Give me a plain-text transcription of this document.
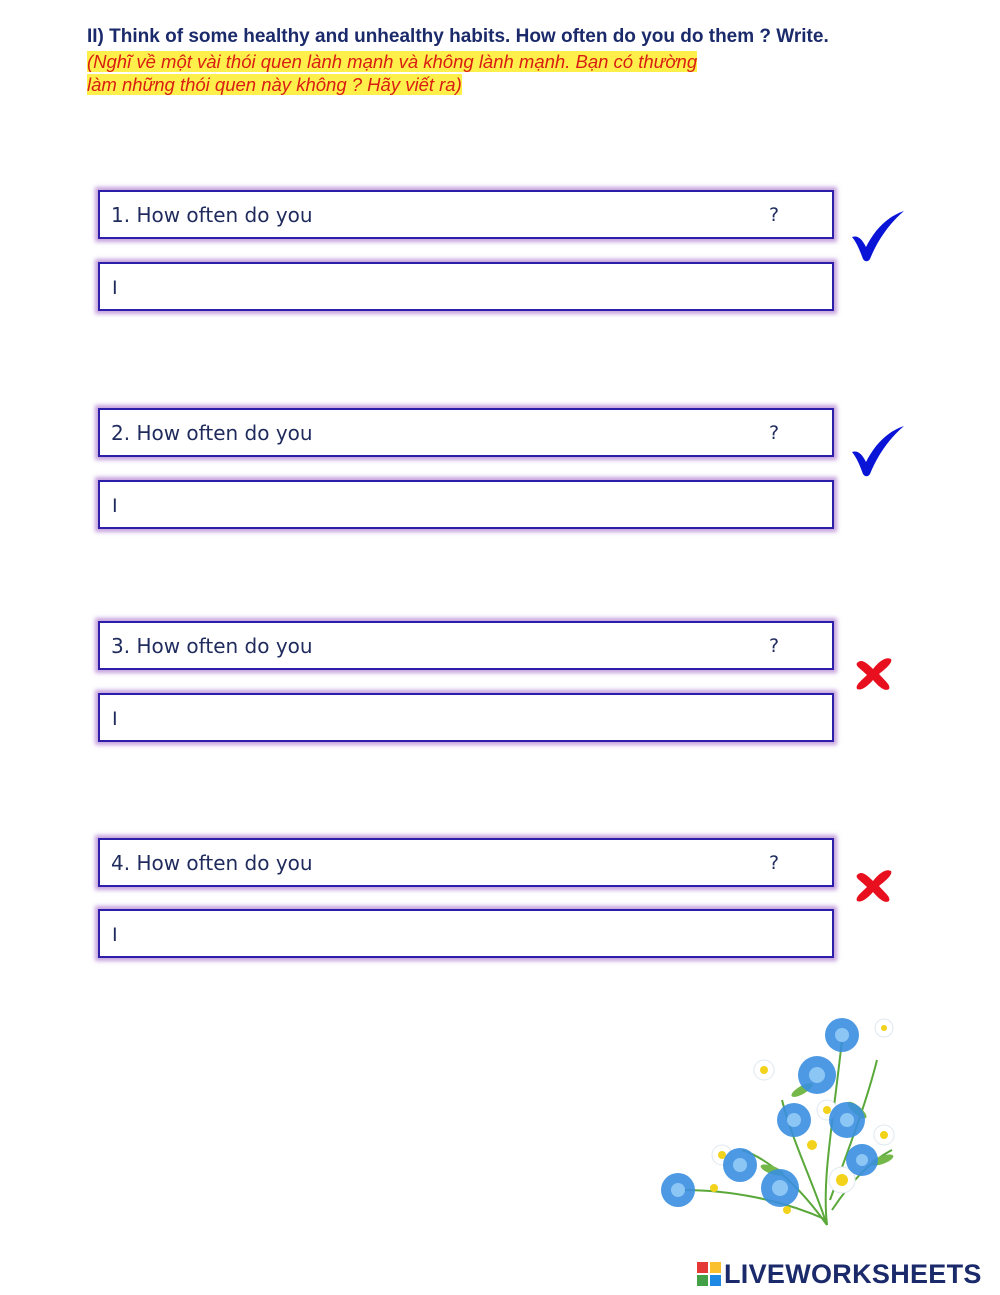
II) Think of some healthy and unhealthy habits. How often do you do them ? Write.
(Nghĩ về một vài thói quen lành mạnh và không lành mạnh. Bạn có thường
làm những thói quen này không ? Hãy viết ra)
1. How often do you	?
I
2. How often do you	?
I
3. How often do you	?
I
4. How often do you	?
I
LIVEWORKSHEETS
